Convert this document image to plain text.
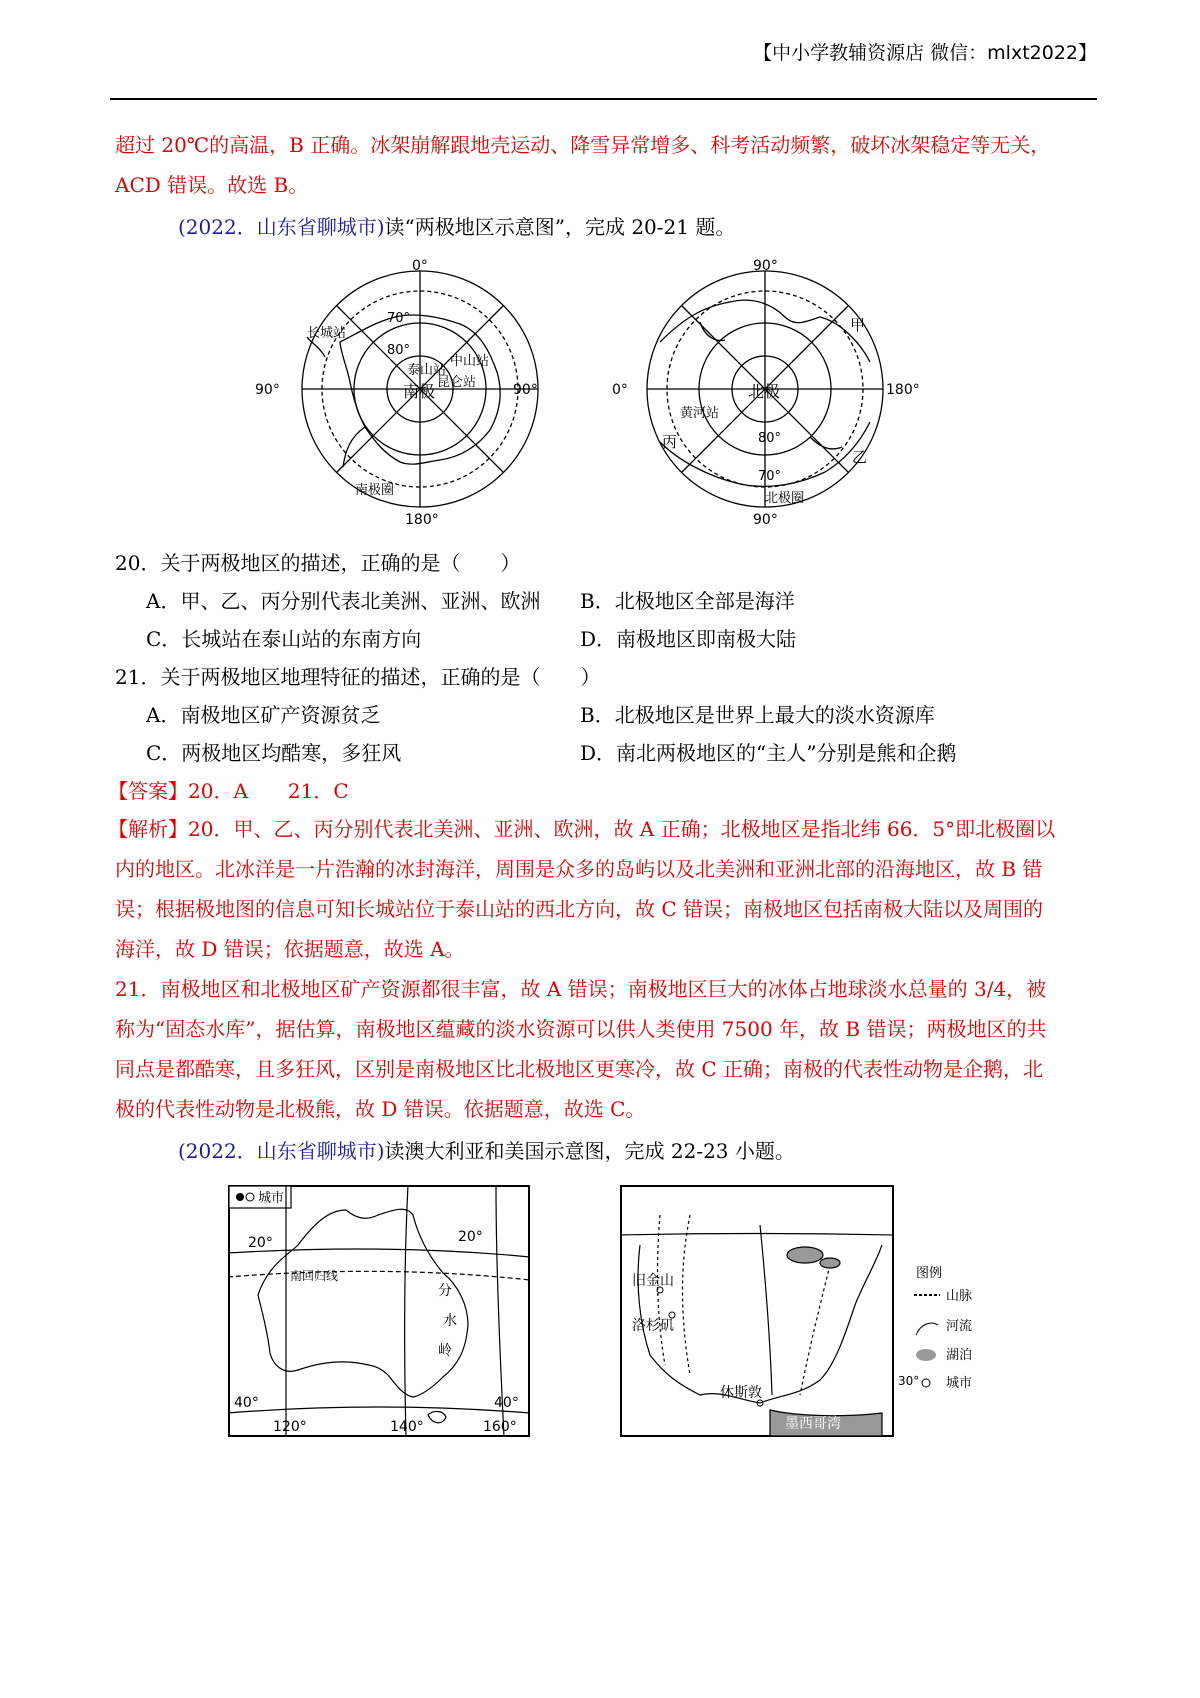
【中小学教辅资源店 微信：mlxt2022】
超过 20℃的高温，B 正确。冰架崩解跟地壳运动、降雪异常增多、科考活动频繁，破坏冰架稳定等无关，
ACD 错误。故选 B。
(2022．山东省聊城市)读“两极地区示意图”，完成 20-21 题。
0°
180°
90°	90°
南极
70°
80°
长城站
泰山站
中山站
昆仑站
南极圈
90°
90°
0°	180°
北极
70°
80°
黄河站
甲
乙
丙
北极圈
20．关于两极地区的描述，正确的是（　　）
A．甲、乙、丙分别代表北美洲、亚洲、欧洲 B．北极地区全部是海洋
C．长城站在泰山站的东南方向	D．南极地区即南极大陆
21．关于两极地区地理特征的描述，正确的是（　　）
A．南极地区矿产资源贫乏	B．北极地区是世界上最大的淡水资源库
C．两极地区均酷寒，多狂风	D．南北两极地区的“主人”分别是熊和企鹅
【答案】20．A　　21．C
【解析】20．甲、乙、丙分别代表北美洲、亚洲、欧洲，故 A 正确；北极地区是指北纬 66．5°即北极圈以
内的地区。北冰洋是一片浩瀚的冰封海洋，周围是众多的岛屿以及北美洲和亚洲北部的沿海地区，故 B 错
误；根据极地图的信息可知长城站位于泰山站的西北方向，故 C 错误；南极地区包括南极大陆以及周围的
海洋，故 D 错误；依据题意，故选 A。
21．南极地区和北极地区矿产资源都很丰富，故 A 错误；南极地区巨大的冰体占地球淡水总量的 3/4，被
称为“固态水库”，据估算，南极地区蕴藏的淡水资源可以供人类使用 7500 年，故 B 错误；两极地区的共
同点是都酷寒，且多狂风，区别是南极地区比北极地区更寒冷，故 C 正确；南极的代表性动物是企鹅，北
极的代表性动物是北极熊，故 D 错误。依据题意，故选 C。
(2022．山东省聊城市)读澳大利亚和美国示意图，完成 22-23 小题。
城市
20°	20°
南回归线
40°	40°
120°	140°	160°
分
水
岭
旧金山
洛杉矶
休斯敦
墨西哥湾
30°
图例
山脉
河流
湖泊
城市
